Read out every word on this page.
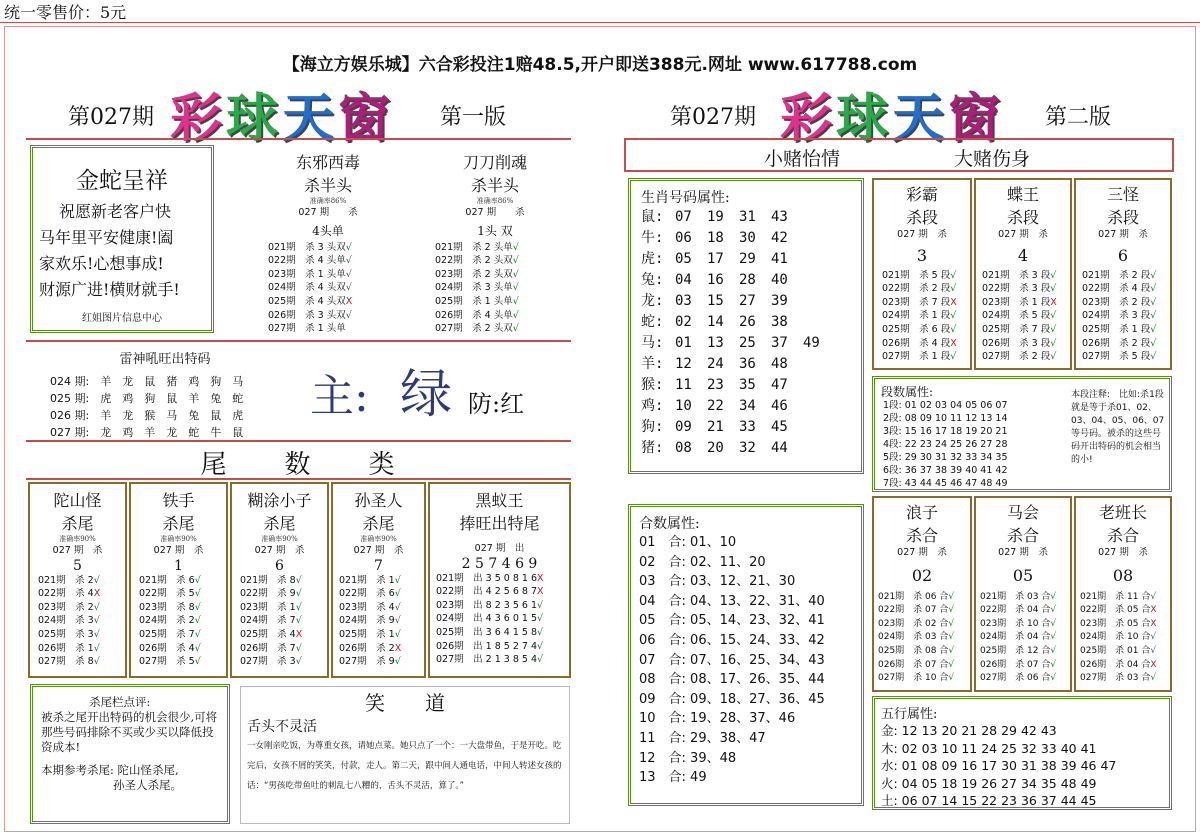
统一零售价：5元
【海立方娱乐城】六合彩投注1赔48.5,开户即送388元.网址 www.617788.com
第027期 彩球天窗 第一版	第027期 彩球天窗 第二版
金蛇呈祥
祝愿新老客户快
马年里平安健康!阖
家欢乐!心想事成!
财源广进!横财就手!
红姐图片信息中心
东邪西毒
杀半头
准确率86%
027 期　　杀
4头单
021期　杀 3 头双√
022期　杀 4 头单√
023期　杀 1 头单√
024期　杀 4 头双√
025期　杀 4 头双X
026期　杀 3 头双√
027期　杀 1 头单
刀刀削魂
杀半头
准确率86%
027 期　　杀
1头 双
021期　杀 2 头单√
022期　杀 2 头双√
023期　杀 2 头双√
024期　杀 3 头单√
025期　杀 1 头单√
026期　杀 4 头单√
027期　杀 2 头双√
雷神吼旺出特码
024 期:　羊　龙　鼠　猪　鸡　狗　马
025 期:　虎　鸡　狗　鼠　羊　兔　蛇
026 期:　羊　龙　猴　马　兔　鼠　虎
027 期:　龙　鸡　羊　龙　蛇　牛　鼠
主: 绿 防:红
尾　　数　　类
陀山怪
杀尾
准确率90%
027 期　杀
5
021期　杀 2√
022期　杀 4X
023期　杀 2√
024期　杀 3√
025期　杀 3√
026期　杀 1√
027期　杀 8√
铁手
杀尾
准确率90%
027 期　杀
1
021期　杀 6√
022期　杀 5√
023期　杀 8√
024期　杀 2√
025期　杀 7√
026期　杀 4√
027期　杀 5√
糊涂小子
杀尾
准确率90%
027 期　杀
6
021期　杀 8√
022期　杀 9√
023期　杀 1√
024期　杀 7√
025期　杀 4X
026期　杀 7√
027期　杀 3√
孙圣人
杀尾
准确率90%
027 期　杀
7
021期　杀 1√
022期　杀 6√
023期　杀 4√
024期　杀 9√
025期　杀 1√
026期　杀 2X
027期　杀 9√
黑蚁王
捧旺出特尾
027 期　出
2 5 7 4 6 9
021期　出 3 5 0 8 1 6X
022期　出 4 2 5 6 8 7X
023期　出 8 2 3 5 6 1√
024期　出 4 3 6 0 1 5√
025期　出 3 6 4 1 5 8√
026期　出 1 8 5 2 7 4√
027期　出 2 1 3 8 5 4√
杀尾栏点评:
被杀之尾开出特码的机会很少,可将那些号码排除不买或少买以降低投资成本!
本期参考杀尾: 陀山怪杀尾,
孙圣人杀尾。
笑　　道
舌头不灵活
一女刚亲吃饭，为尊重女孩，请她点菜。她只点了一个：一大盘带鱼，于是开吃。吃完后，女孩不屑的笑笑，付款，走人。第二天，跟中间人通电话，中间人转述女孩的话：“男孩吃带鱼吐的刺乱七八糟的，舌头不灵活，算了。”
小赌怡情	大赌伤身
生肖号码属性:
鼠: 07	19	31	43
牛: 06	18	30	42
虎: 05	17	29	41
兔: 04	16	28	40
龙: 03	15	27	39
蛇: 02	14	26	38
马: 01	13	25	37	49
羊: 12	24	36	48
猴: 11	23	35	47
鸡: 10	22	34	46
狗: 09	21	33	45
猪: 08	20	32	44
合数属性:
01　合: 01、10
02　合: 02、11、20
03　合: 03、12、21、30
04　合: 04、13、22、31、40
05　合: 05、14、23、32、41
06　合: 06、15、24、33、42
07　合: 07、16、25、34、43
08　合: 08、17、26、35、44
09　合: 09、18、27、36、45
10　合: 19、28、37、46
11　合: 29、38、47
12　合: 39、48
13　合: 49
彩霸
杀段
027 期　杀
3
021期　杀 5 段√
022期　杀 2 段√
023期　杀 7 段X
024期　杀 1 段√
025期　杀 6 段√
026期　杀 4 段X
027期　杀 1 段√
蝶王
杀段
027 期　杀
4
021期　杀 3 段√
022期　杀 3 段√
023期　杀 1 段X
024期　杀 5 段√
025期　杀 7 段√
026期　杀 3 段√
027期　杀 2 段√
三怪
杀段
027 期　杀
6
021期　杀 2 段√
022期　杀 4 段√
023期　杀 2 段√
024期　杀 3 段√
025期　杀 1 段√
026期　杀 2 段√
027期　杀 5 段√
段数属性:
1段: 01 02 03 04 05 06 07
2段: 08 09 10 11 12 13 14
3段: 15 16 17 18 19 20 21
4段: 22 23 24 25 26 27 28
5段: 29 30 31 32 33 34 35
6段: 36 37 38 39 40 41 42
7段: 43 44 45 46 47 48 49
本段注释:　比如:杀1段就是等于杀01、02、03、04、05、06、07 等号码。被杀的这些号码开出特码的机会相当的小!
浪子
杀合
027 期　杀
02
021期　杀 06 合√
022期　杀 07 合√
023期　杀 02 合√
024期　杀 03 合√
025期　杀 08 合√
026期　杀 07 合√
027期　杀 10 合√
马会
杀合
027 期　杀
05
021期　杀 03 合√
022期　杀 04 合√
023期　杀 10 合√
024期　杀 04 合√
025期　杀 12 合√
026期　杀 07 合√
027期　杀 06 合√
老班长
杀合
027 期　杀
08
021期　杀 11 合√
022期　杀 05 合X
023期　杀 05 合X
024期　杀 10 合√
025期　杀 01 合√
026期　杀 04 合X
027期　杀 03 合√
五行属性:
金: 12 13 20 21 28 29 42 43
木: 02 03 10 11 24 25 32 33 40 41
水: 01 08 09 16 17 30 31 38 39 46 47
火: 04 05 18 19 26 27 34 35 48 49
土: 06 07 14 15 22 23 36 37 44 45
